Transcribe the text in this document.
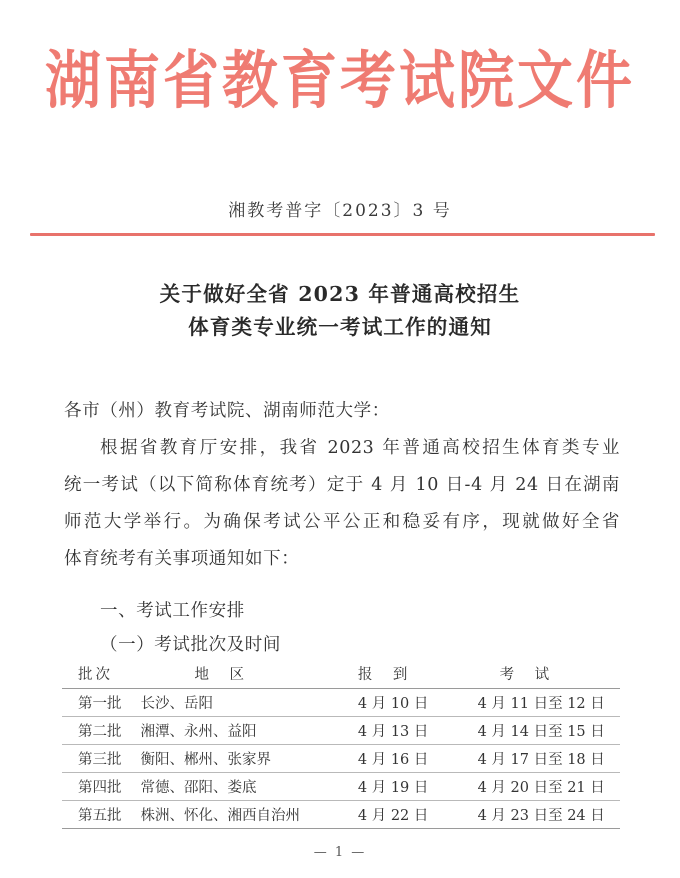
湖南省教育考试院文件
湘教考普字〔2023〕3 号
关于做好全省 2023 年普通高校招生
体育类专业统一考试工作的通知
各市（州）教育考试院、湖南师范大学：
根据省教育厅安排，我省 2023 年普通高校招生体育类专业
统一考试（以下简称体育统考）定于 4 月 10 日-4 月 24 日在湖南
师范大学举行。为确保考试公平公正和稳妥有序，现就做好全省
体育统考有关事项通知如下：
一、考试工作安排
（一）考试批次及时间
批次	地　区	报　到	考　试
第一批	长沙、岳阳	4 月 10 日	4 月 11 日至 12 日
第二批	湘潭、永州、益阳	4 月 13 日	4 月 14 日至 15 日
第三批	衡阳、郴州、张家界	4 月 16 日	4 月 17 日至 18 日
第四批	常德、邵阳、娄底	4 月 19 日	4 月 20 日至 21 日
第五批	株洲、怀化、湘西自治州	4 月 22 日	4 月 23 日至 24 日
— 1 —
